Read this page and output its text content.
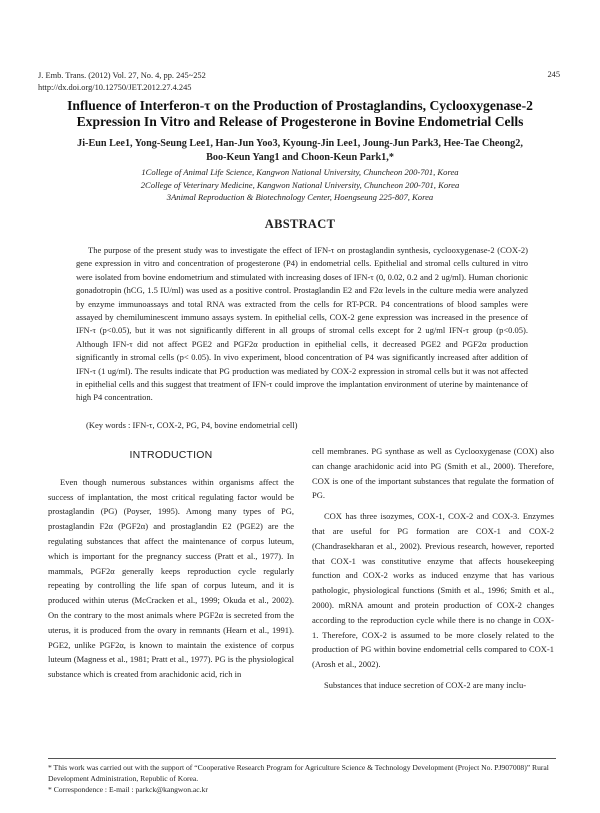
J. Emb. Trans. (2012) Vol. 27, No. 4, pp. 245~252
http://dx.doi.org/10.12750/JET.2012.27.4.245
245
Influence of Interferon-τ on the Production of Prostaglandins, Cyclooxygenase-2
Expression In Vitro and Release of Progesterone in Bovine Endometrial Cells
Ji-Eun Lee1, Yong-Seung Lee1, Han-Jun Yoo3, Kyoung-Jin Lee1, Joung-Jun Park3, Hee-Tae Cheong2,
Boo-Keun Yang1 and Choon-Keun Park1,*
1College of Animal Life Science, Kangwon National University, Chuncheon 200-701, Korea
2College of Veterinary Medicine, Kangwon National University, Chuncheon 200-701, Korea
3Animal Reproduction & Biotechnology Center, Hoengseung 225-807, Korea
ABSTRACT

The purpose of the present study was to investigate the effect of IFN-τ on prostaglandin synthesis, cyclooxygenase-2 (COX-2) gene expression in vitro and concentration of progesterone (P4) in endometrial cells. Epithelial and stromal cells cultured in vitro were isolated from bovine endometrium and stimulated with increasing doses of IFN-τ (0, 0.02, 0.2 and 2 ug/ml). Human chorionic gonadotropin (hCG, 1.5 IU/ml) was used as a positive control. Prostaglandin E2 and F2α levels in the culture media were analyzed by enzyme immunoassays and total RNA was extracted from the cells for RT-PCR. P4 concentrations of blood samples were assayed by chemiluminescent immuno assays system. In epithelial cells, COX-2 gene expression was increased in the presence of IFN-τ (p<0.05), but it was not significantly different in all groups of stromal cells except for 2 ug/ml IFN-τ group (p<0.05). Although IFN-τ did not affect PGE2 and PGF2α production in epithelial cells, it decreased PGE2 and PGF2α production significantly in stromal cells (p< 0.05). In vivo experiment, blood concentration of P4 was significantly increased after addition of IFN-τ (1 ug/ml). The results indicate that PG production was mediated by COX-2 expression in stromal cells but it was not affected in epithelial cells and this suggest that treatment of IFN-τ could improve the implantation environment of uterine by maintenance of high P4 concentration.

(Key words : IFN-τ, COX-2, PG, P4, bovine endometrial cell)
INTRODUCTION

Even though numerous substances within organisms affect the success of implantation, the most critical regulating factor would be prostaglandin (PG) (Poyser, 1995). Among many types of PG, prostaglandin F2α (PGF2α) and prostaglandin E2 (PGE2) are the regulating substances that affect the maintenance of corpus luteum, which is important for the pregnancy success (Pratt et al., 1977). In mammals, PGF2α generally keeps reproduction cycle regularly repeating by controlling the life span of corpus luteum, and it is produced within uterus (McCracken et al., 1999; Okuda et al., 2002). On the contrary to the most animals where PGF2α is secreted from the uterus, it is produced from the ovary in remnants (Hearn et al., 1991). PGE2, unlike PGF2α, is known to maintain the existence of corpus luteum (Magness et al., 1981; Pratt et al., 1977). PG is the physiological substance which is created from arachidonic acid, rich in

cell membranes. PG synthase as well as Cyclooxygenase (COX) also can change arachidonic acid into PG (Smith et al., 2000). Therefore, COX is one of the important substances that regulate the formation of PG.

COX has three isozymes, COX-1, COX-2 and COX-3. Enzymes that are useful for PG formation are COX-1 and COX-2 (Chandrasekharan et al., 2002). Previous research, however, reported that COX-1 was constitutive enzyme that affects housekeeping function and COX-2 works as induced enzyme that has various pathologic, physiological functions (Smith et al., 1996; Smith et al., 2000). mRNA amount and protein production of COX-2 changes according to the reproduction cycle while there is no change in COX-1. Therefore, COX-2 is assumed to be more closely related to the production of PG within bovine endometrial cells compared to COX-1 (Arosh et al., 2002).

Substances that induce secretion of COX-2 are many inclu-

* This work was carried out with the support of “Cooperative Research Program for Agriculture Science & Technology Development (Project No. PJ907008)” Rural Development Administration, Republic of Korea.
* Correspondence : E-mail : parkck@kangwon.ac.kr
